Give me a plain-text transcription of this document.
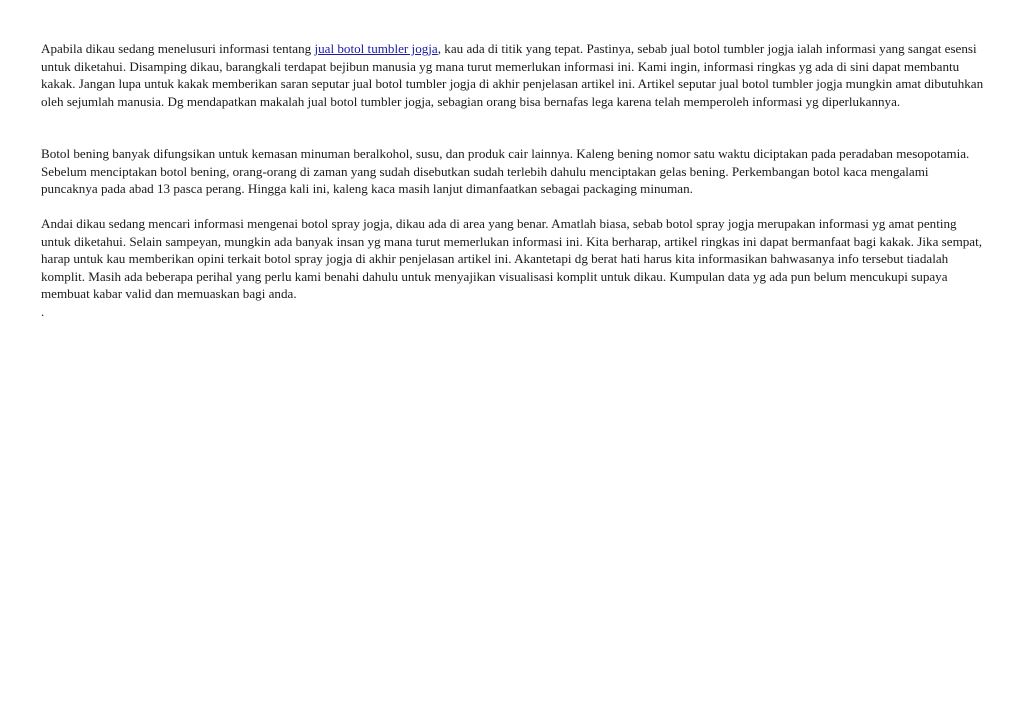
Apabila dikau sedang menelusuri informasi tentang jual botol tumbler jogja, kau ada di titik yang tepat. Pastinya, sebab jual botol tumbler jogja ialah informasi yang sangat esensi untuk diketahui. Disamping dikau, barangkali terdapat bejibun manusia yg mana turut memerlukan informasi ini. Kami ingin, informasi ringkas yg ada di sini dapat membantu kakak. Jangan lupa untuk kakak memberikan saran seputar jual botol tumbler jogja di akhir penjelasan artikel ini. Artikel seputar jual botol tumbler jogja mungkin amat dibutuhkan oleh sejumlah manusia. Dg mendapatkan makalah jual botol tumbler jogja, sebagian orang bisa bernafas lega karena telah memperoleh informasi yg diperlukannya.

Botol bening banyak difungsikan untuk kemasan minuman beralkohol, susu, dan produk cair lainnya. Kaleng bening nomor satu waktu diciptakan pada peradaban mesopotamia. Sebelum menciptakan botol bening, orang-orang di zaman yang sudah disebutkan sudah terlebih dahulu menciptakan gelas bening. Perkembangan botol kaca mengalami puncaknya pada abad 13 pasca perang. Hingga kali ini, kaleng kaca masih lanjut dimanfaatkan sebagai packaging minuman.

Andai dikau sedang mencari informasi mengenai botol spray jogja, dikau ada di area yang benar. Amatlah biasa, sebab botol spray jogja merupakan informasi yg amat penting untuk diketahui. Selain sampeyan, mungkin ada banyak insan yg mana turut memerlukan informasi ini. Kita berharap, artikel ringkas ini dapat bermanfaat bagi kakak. Jika sempat, harap untuk kau memberikan opini terkait botol spray jogja di akhir penjelasan artikel ini. Akantetapi dg berat hati harus kita informasikan bahwasanya info tersebut tiadalah komplit. Masih ada beberapa perihal yang perlu kami benahi dahulu untuk menyajikan visualisasi komplit untuk dikau. Kumpulan data yg ada pun belum mencukupi supaya membuat kabar valid dan memuaskan bagi anda.

.
